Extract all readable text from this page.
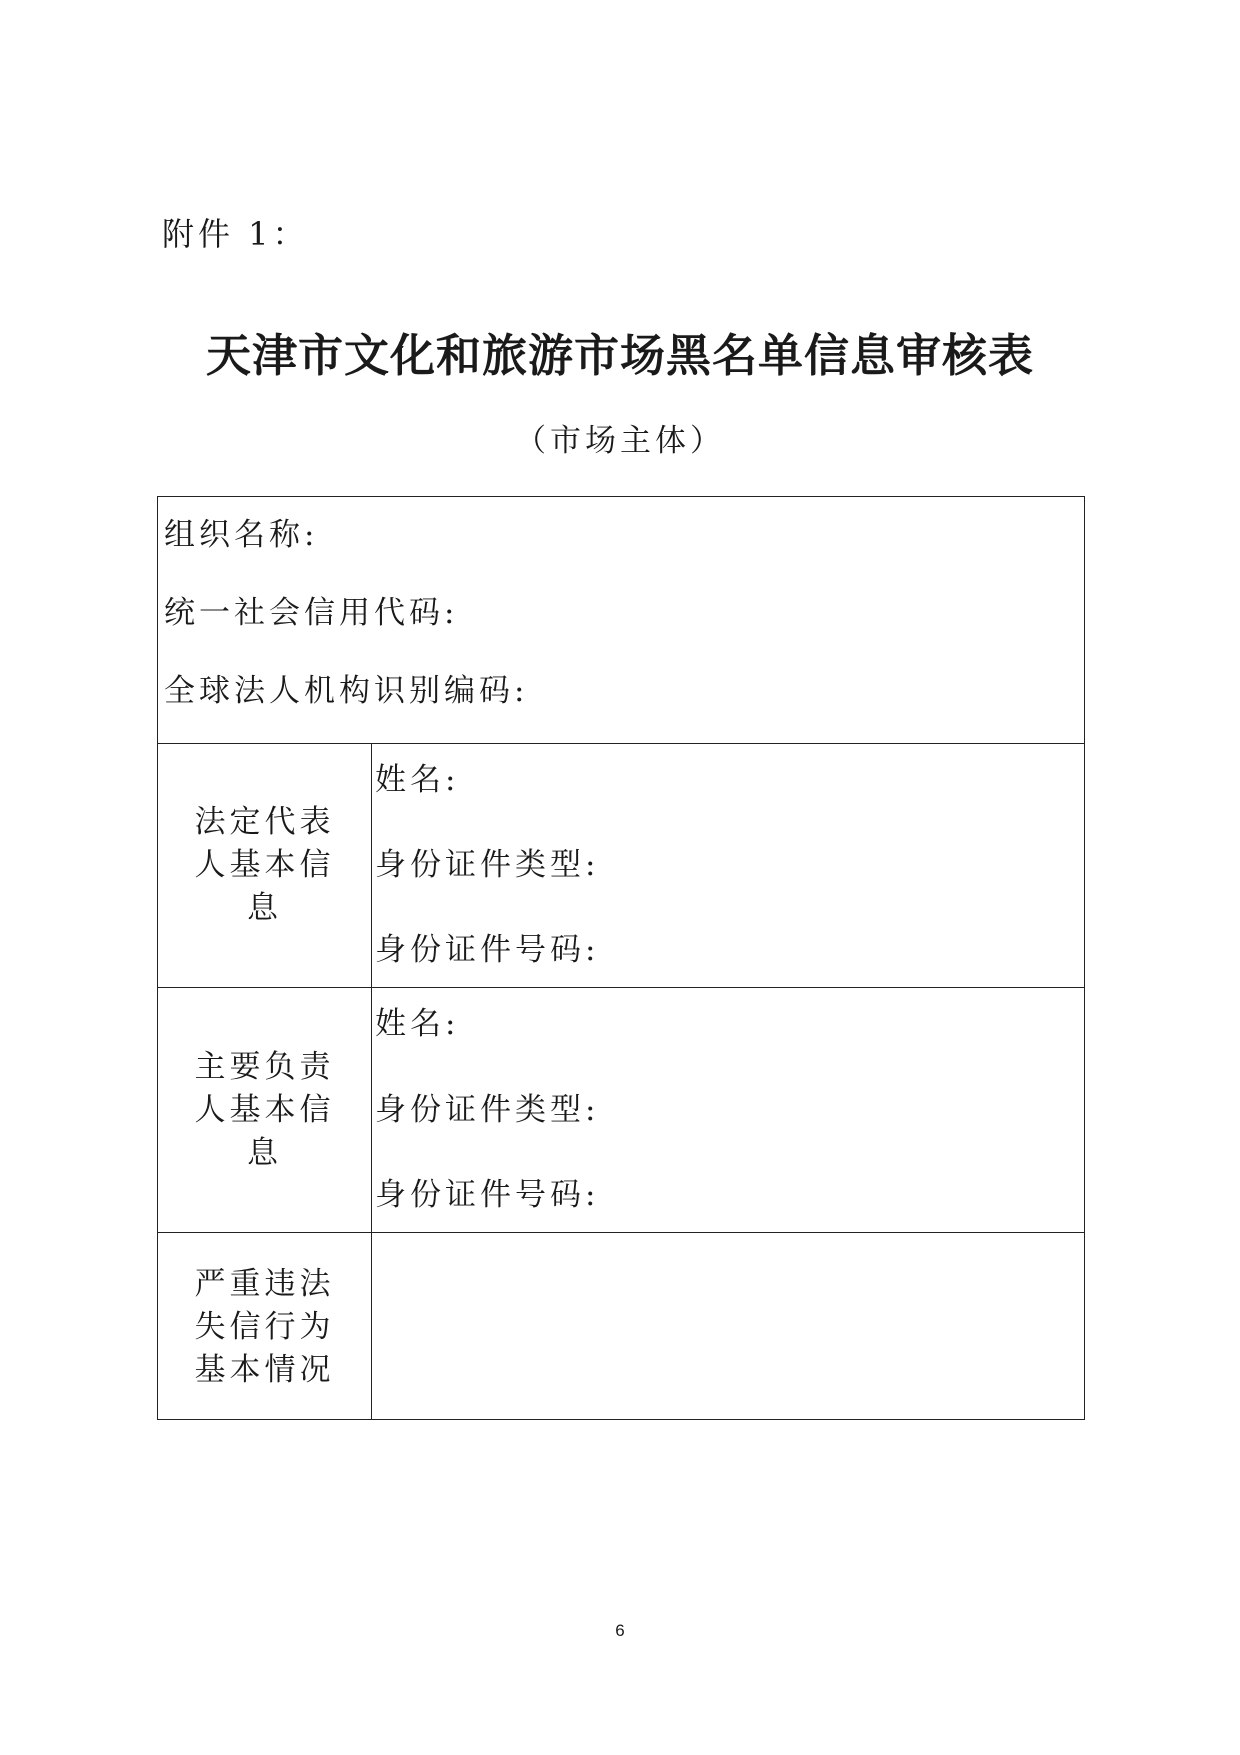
附件 1：
天津市文化和旅游市场黑名单信息审核表
（市场主体）
组织名称:
统一社会信用代码:
全球法人机构识别编码:
法定代表人基本信息
姓名:
身份证件类型:
身份证件号码:
主要负责人基本信息
姓名:
身份证件类型:
身份证件号码:
严重违法失信行为基本情况
6
